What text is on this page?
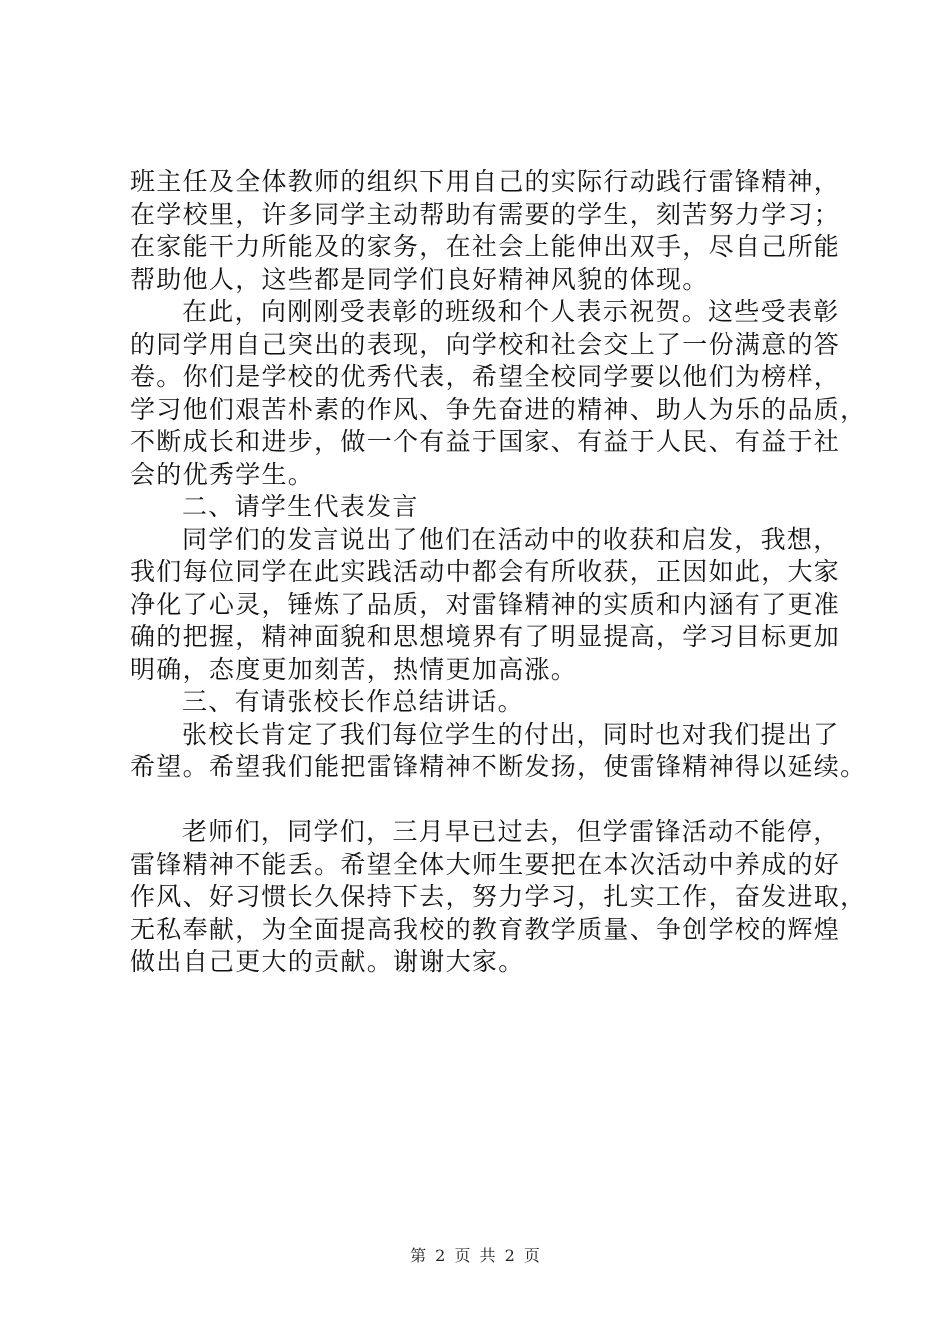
班主任及全体教师的组织下用自己的实际行动践行雷锋精神，
在学校里，许多同学主动帮助有需要的学生，刻苦努力学习；
在家能干力所能及的家务，在社会上能伸出双手，尽自己所能
帮助他人，这些都是同学们良好精神风貌的体现。
在此，向刚刚受表彰的班级和个人表示祝贺。这些受表彰
的同学用自己突出的表现，向学校和社会交上了一份满意的答
卷。你们是学校的优秀代表，希望全校同学要以他们为榜样，
学习他们艰苦朴素的作风、争先奋进的精神、助人为乐的品质，
不断成长和进步，做一个有益于国家、有益于人民、有益于社
会的优秀学生。
二、请学生代表发言
同学们的发言说出了他们在活动中的收获和启发，我想，
我们每位同学在此实践活动中都会有所收获，正因如此，大家
净化了心灵，锤炼了品质，对雷锋精神的实质和内涵有了更准
确的把握，精神面貌和思想境界有了明显提高，学习目标更加
明确，态度更加刻苦，热情更加高涨。
三、有请张校长作总结讲话。
张校长肯定了我们每位学生的付出，同时也对我们提出了
希望。希望我们能把雷锋精神不断发扬，使雷锋精神得以延续。
老师们，同学们，三月早已过去，但学雷锋活动不能停，
雷锋精神不能丢。希望全体大师生要把在本次活动中养成的好
作风、好习惯长久保持下去，努力学习，扎实工作，奋发进取，
无私奉献，为全面提高我校的教育教学质量、争创学校的辉煌
做出自己更大的贡献。谢谢大家。
第 2 页 共 2 页
